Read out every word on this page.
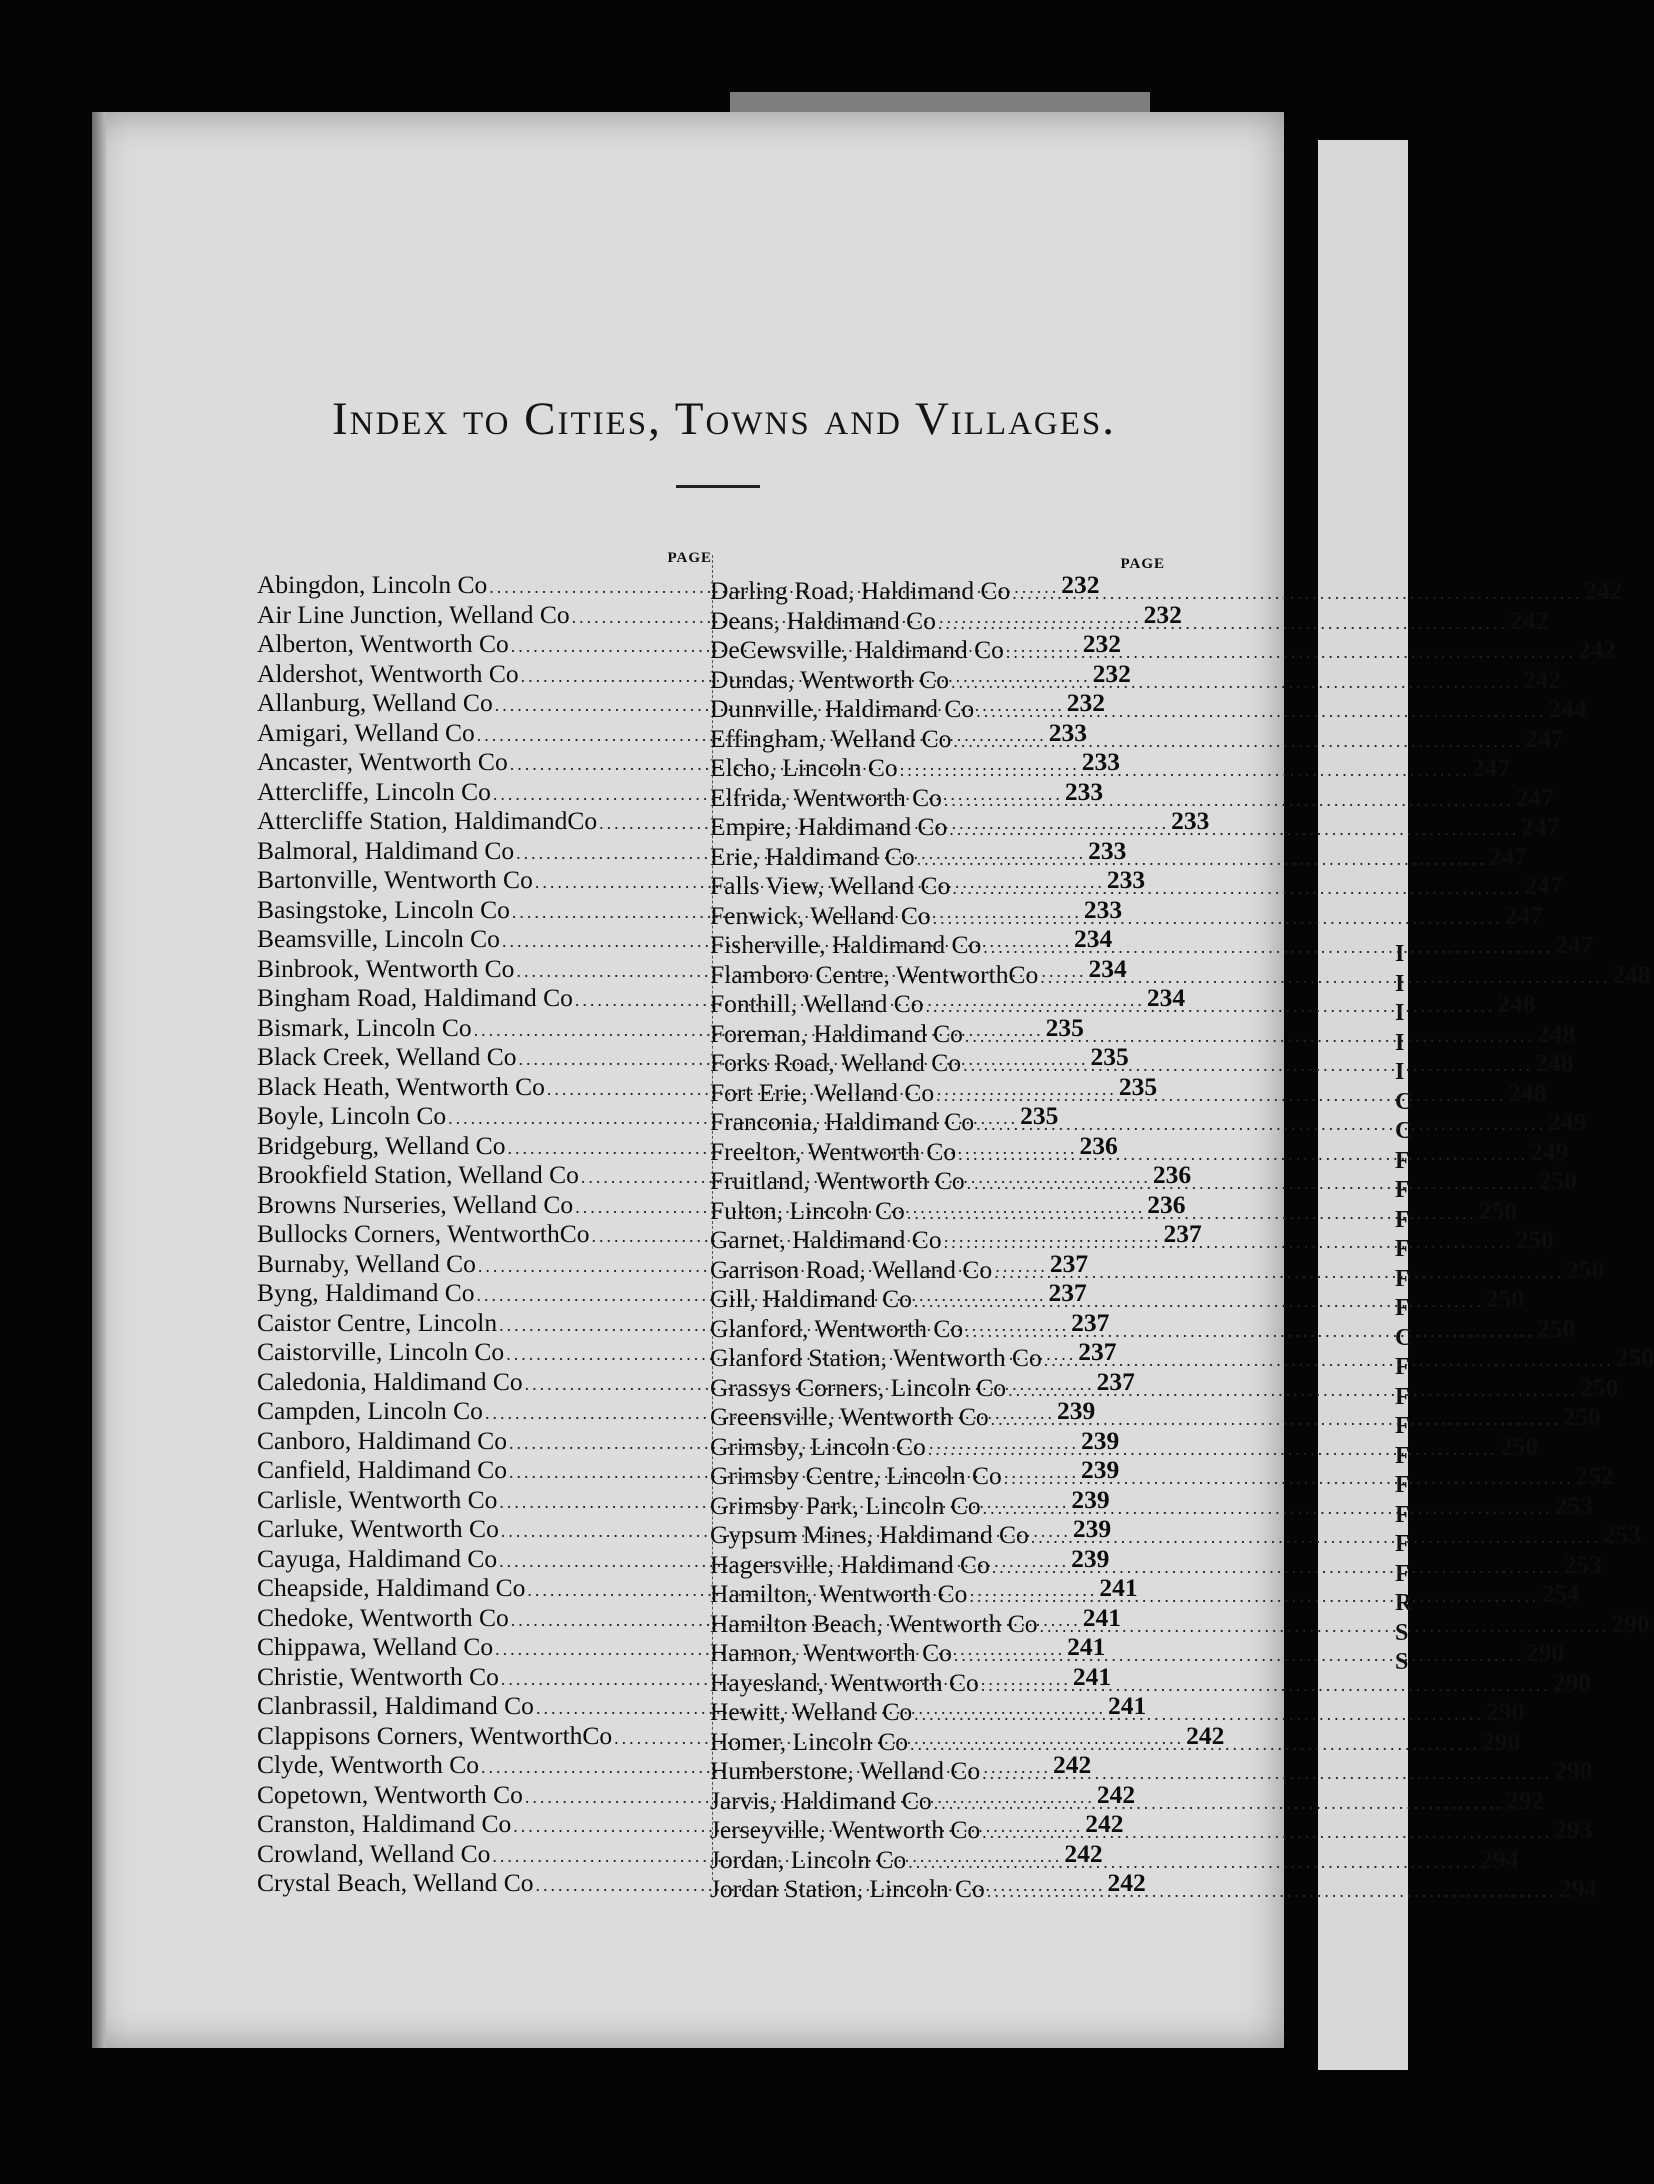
I
I
I
I
I
C
C
F
F
F
F
F
F
C
F
F
F
F
F
F
F
F
R
S
S
Index to Cities, Towns and Villages.
PAGE
Abingdon, Lincoln Co .....	232
Air Line Junction, Welland Co .....	232
Alberton, Wentworth Co .....	232
Aldershot, Wentworth Co .....	232
Allanburg, Welland Co .....	232
Amigari, Welland Co .....	233
Ancaster, Wentworth Co .....	233
Attercliffe, Lincoln Co .....	233
Attercliffe Station, HaldimandCo .....	233
Balmoral, Haldimand Co .....	233
Bartonville, Wentworth Co .....	233
Basingstoke, Lincoln Co .....	233
Beamsville, Lincoln Co .....	234
Binbrook, Wentworth Co .....	234
Bingham Road, Haldimand Co .....	234
Bismark, Lincoln Co .....	235
Black Creek, Welland Co .....	235
Black Heath, Wentworth Co .....	235
Boyle, Lincoln Co .....	235
Bridgeburg, Welland Co .....	236
Brookfield Station, Welland Co .....	236
Browns Nurseries, Welland Co .....	236
Bullocks Corners, WentworthCo .....	237
Burnaby, Welland Co .....	237
Byng, Haldimand Co .....	237
Caistor Centre, Lincoln .....	237
Caistorville, Lincoln Co .....	237
Caledonia, Haldimand Co .....	237
Campden, Lincoln Co .....	239
Canboro, Haldimand Co .....	239
Canfield, Haldimand Co .....	239
Carlisle, Wentworth Co .....	239
Carluke, Wentworth Co .....	239
Cayuga, Haldimand Co .....	239
Cheapside, Haldimand Co .....	241
Chedoke, Wentworth Co .....	241
Chippawa, Welland Co .....	241
Christie, Wentworth Co .....	241
Clanbrassil, Haldimand Co .....	241
Clappisons Corners, WentworthCo .....	242
Clyde, Wentworth Co .....	242
Copetown, Wentworth Co .....	242
Cranston, Haldimand Co .....	242
Crowland, Welland Co .....	242
Crystal Beach, Welland Co .....	242
PAGE
Darling Road, Haldimand Co .....	242
Deans, Haldimand Co .....	242
DeCewsville, Haldimand Co .....	242
Dundas, Wentworth Co .....	242
Dunnville, Haldimand Co .....	244
Effingham, Welland Co .....	247
Elcho, Lincoln Co .....	247
Elfrida, Wentworth Co .....	247
Empire, Haldimand Co .....	247
Erie, Haldimand Co .....	247
Falls View, Welland Co .....	247
Fenwick, Welland Co .....	247
Fisherville, Haldimand Co .....	247
Flamboro Centre, WentworthCo .....	248
Fonthill, Welland Co .....	248
Foreman, Haldimand Co .....	248
Forks Road, Welland Co .....	248
Fort Erie, Welland Co .....	248
Franconia, Haldimand Co .....	249
Freelton, Wentworth Co .....	249
Fruitland, Wentworth Co .....	250
Fulton, Lincoln Co .....	250
Garnet, Haldimand Co .....	250
Garrison Road, Welland Co .....	250
Gill, Haldimand Co .....	250
Glanford, Wentworth Co .....	250
Glanford Station, Wentworth Co .....	250
Grassys Corners, Lincoln Co .....	250
Greensville, Wentworth Co .....	250
Grimsby, Lincoln Co .....	250
Grimsby Centre, Lincoln Co .....	252
Grimsby Park, Lincoln Co .....	253
Gypsum Mines, Haldimand Co .....	253
Hagersville, Haldimand Co .....	253
Hamilton, Wentworth Co .....	254
Hamilton Beach, Wentworth Co .....	290
Hannon, Wentworth Co .....	290
Hayesland, Wentworth Co .....	290
Hewitt, Welland Co .....	290
Homer, Lincoln Co .....	290
Humberstone, Welland Co .....	290
Jarvis, Haldimand Co .....	292
Jerseyville, Wentworth Co .....	293
Jordan, Lincoln Co .....	294
Jordan Station, Lincoln Co .....	294
